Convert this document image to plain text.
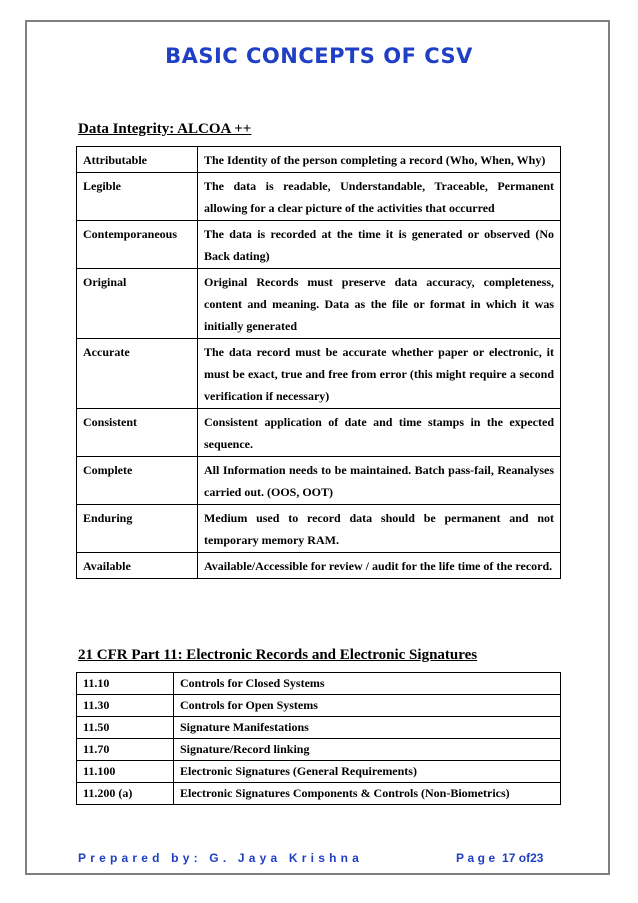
BASIC CONCEPTS OF CSV
Data Integrity: ALCOA ++
Attributable	The Identity of the person completing a record (Who, When, Why)
Legible	The data is readable, Understandable, Traceable, Permanent allowing for a clear picture of the activities that occurred
Contemporaneous	The data is recorded at the time it is generated or observed (No Back dating)
Original	Original Records must preserve data accuracy, completeness, content and meaning. Data as the file or format in which it was initially generated
Accurate	The data record must be accurate whether paper or electronic, it must be exact, true and free from error (this might require a second verification if necessary)
Consistent	Consistent application of date and time stamps in the expected sequence.
Complete	All Information needs to be maintained. Batch pass-fail, Reanalyses carried out. (OOS, OOT)
Enduring	Medium used to record data should be permanent and not temporary memory RAM.
Available	Available/Accessible for review / audit for the life time of the record.
21 CFR Part 11: Electronic Records and Electronic Signatures
11.10	Controls for Closed Systems
11.30	Controls for Open Systems
11.50	Signature Manifestations
11.70	Signature/Record linking
11.100	Electronic Signatures (General Requirements)
11.200 (a)	Electronic Signatures Components & Controls (Non-Biometrics)
Prepared by: G. Jaya Krishna	Page 17 of23
